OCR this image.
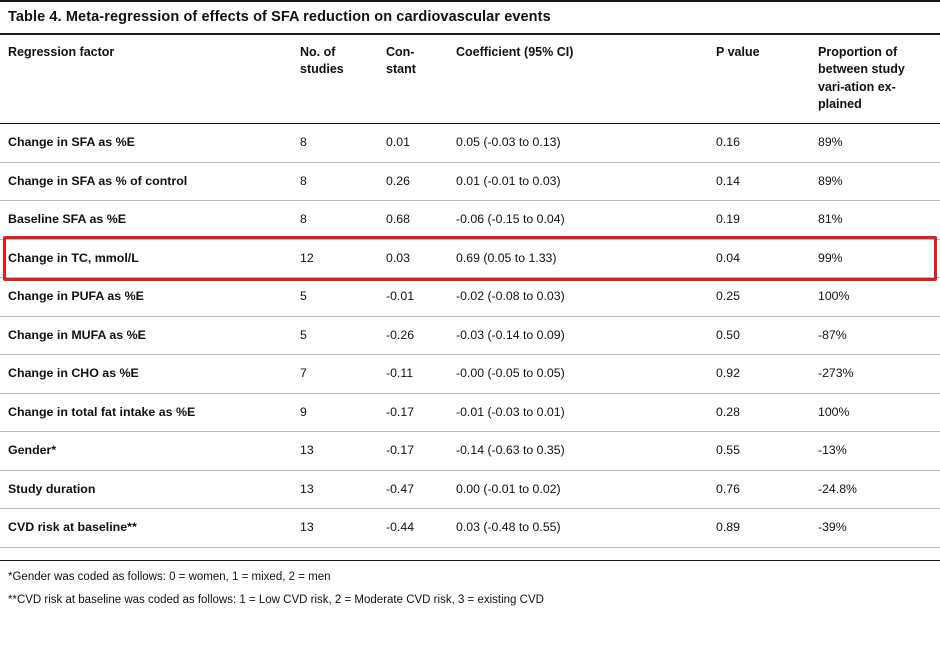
Table 4. Meta-regression of effects of SFA reduction on cardiovascular events
Regression factor	No. of studies	Con-stant	Coefficient (95% CI)	P value	Proportion of between study vari-ation ex-plained
Change in SFA as %E	8	0.01	0.05 (-0.03 to 0.13)	0.16	89%
Change in SFA as % of control	8	0.26	0.01 (-0.01 to 0.03)	0.14	89%
Baseline SFA as %E	8	0.68	-0.06 (-0.15 to 0.04)	0.19	81%
Change in TC, mmol/L	12	0.03	0.69 (0.05 to 1.33)	0.04	99%
Change in PUFA as %E	5	-0.01	-0.02 (-0.08 to 0.03)	0.25	100%
Change in MUFA as %E	5	-0.26	-0.03 (-0.14 to 0.09)	0.50	-87%
Change in CHO as %E	7	-0.11	-0.00 (-0.05 to 0.05)	0.92	-273%
Change in total fat intake as %E	9	-0.17	-0.01 (-0.03 to 0.01)	0.28	100%
Gender*	13	-0.17	-0.14 (-0.63 to 0.35)	0.55	-13%
Study duration	13	-0.47	0.00 (-0.01 to 0.02)	0.76	-24.8%
CVD risk at baseline**	13	-0.44	0.03 (-0.48 to 0.55)	0.89	-39%
*Gender was coded as follows: 0 = women, 1 = mixed, 2 = men
**CVD risk at baseline was coded as follows: 1 = Low CVD risk, 2 = Moderate CVD risk, 3 = existing CVD
